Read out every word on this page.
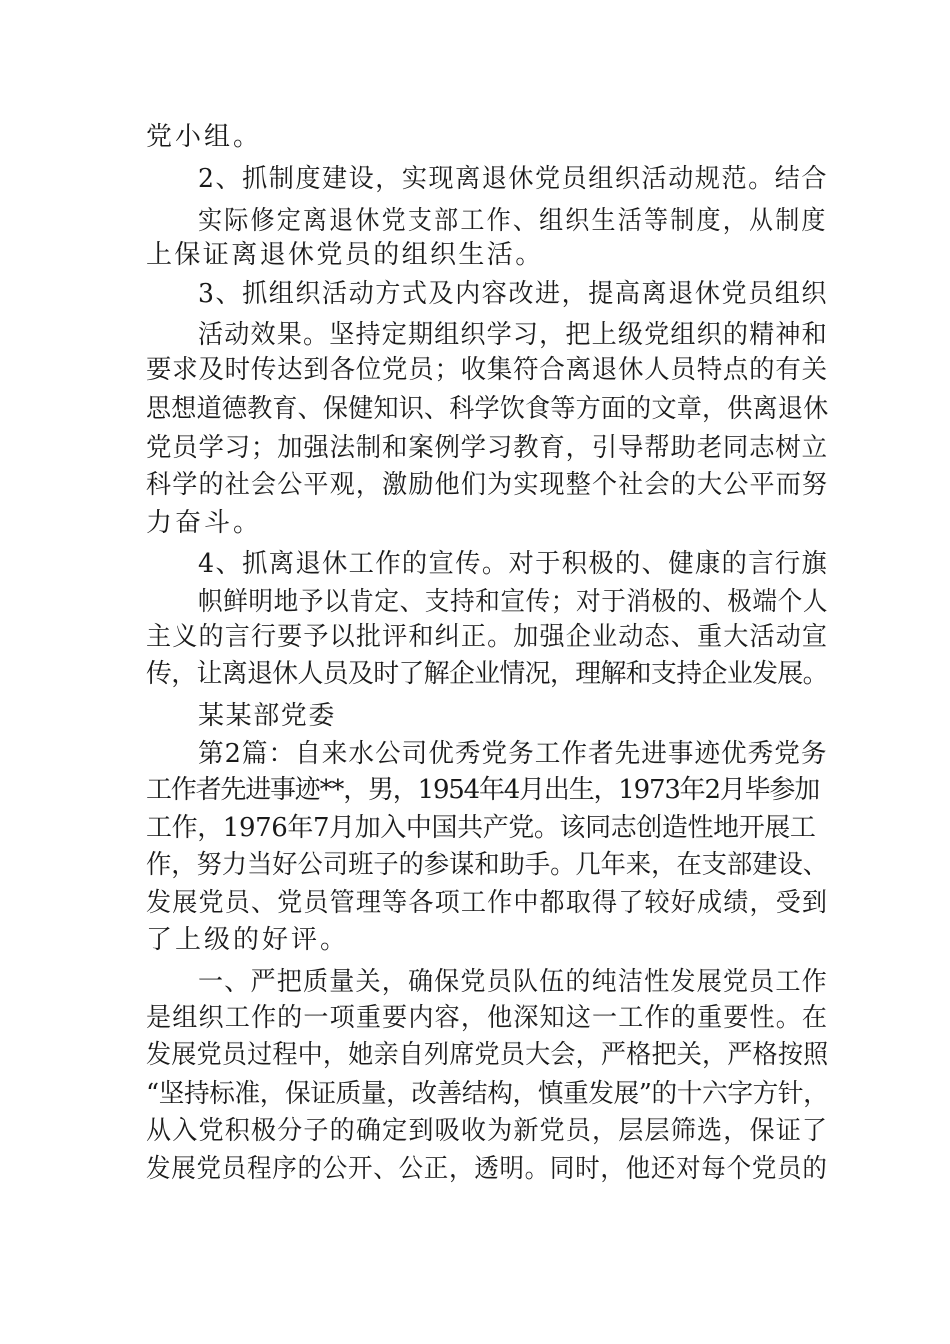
党小组。
2、抓制度建设，实现离退休党员组织活动规范。结合
实际修定离退休党支部工作、组织生活等制度，从制度
上保证离退休党员的组织生活。
3、抓组织活动方式及内容改进，提高离退休党员组织
活动效果。坚持定期组织学习，把上级党组织的精神和
要求及时传达到各位党员；收集符合离退休人员特点的有关
思想道德教育、保健知识、科学饮食等方面的文章，供离退休
党员学习；加强法制和案例学习教育，引导帮助老同志树立
科学的社会公平观，激励他们为实现整个社会的大公平而努
力奋斗。
4、抓离退休工作的宣传。对于积极的、健康的言行旗
帜鲜明地予以肯定、支持和宣传；对于消极的、极端个人
主义的言行要予以批评和纠正。加强企业动态、重大活动宣
传，让离退休人员及时了解企业情况，理解和支持企业发展。
某某部党委
第2篇：自来水公司优秀党务工作者先进事迹优秀党务
工作者先进事迹**，男，1954年4月出生，1973年2月毕参加
工作，1976年7月加入中国共产党。该同志创造性地开展工
作，努力当好公司班子的参谋和助手。几年来，在支部建设、
发展党员、党员管理等各项工作中都取得了较好成绩，受到
了上级的好评。
一、严把质量关，确保党员队伍的纯洁性发展党员工作
是组织工作的一项重要内容，他深知这一工作的重要性。在
发展党员过程中，她亲自列席党员大会，严格把关，严格按照
“坚持标准，保证质量，改善结构，慎重发展”的十六字方针，
从入党积极分子的确定到吸收为新党员，层层筛选，保证了
发展党员程序的公开、公正，透明。同时，他还对每个党员的
